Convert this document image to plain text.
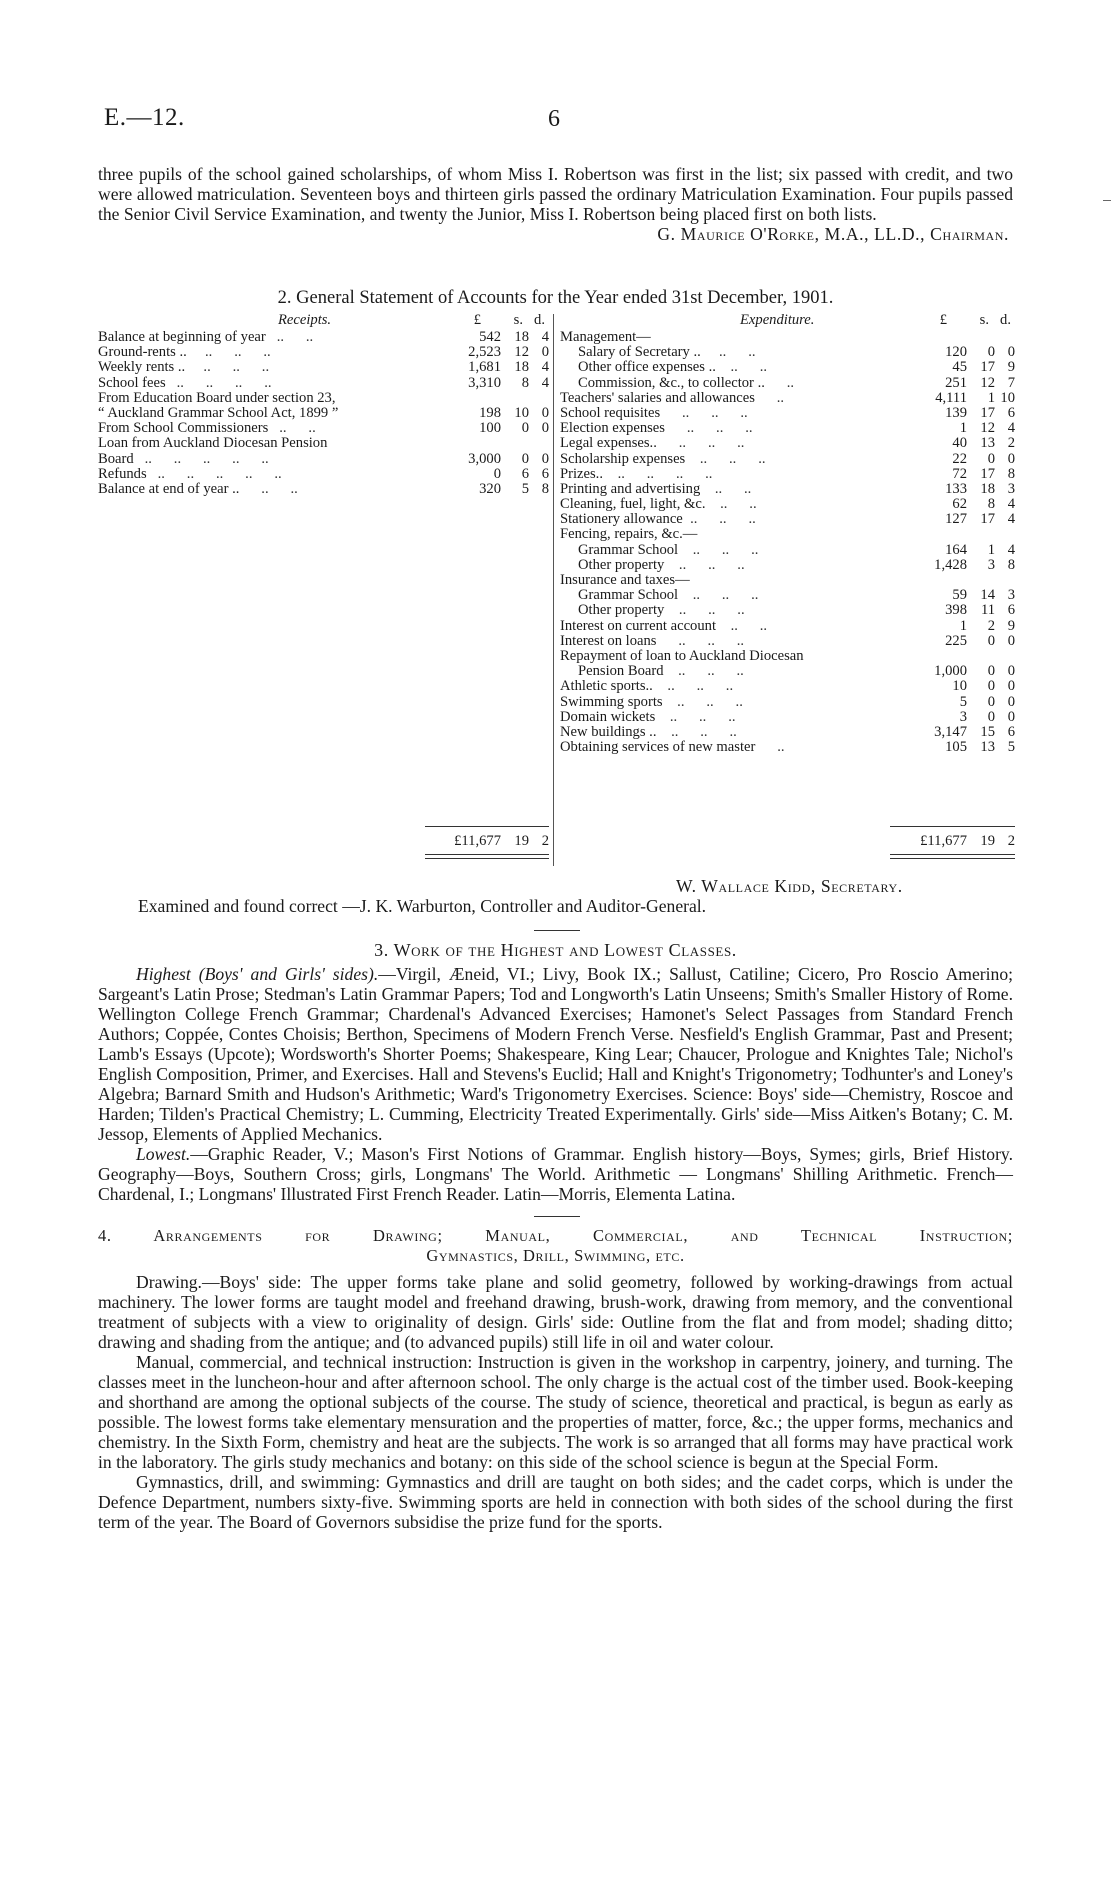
E.—12.	6

three pupils of the school gained scholarships, of whom Miss I. Robertson was first in the list; six passed with credit, and two were allowed matriculation. Seventeen boys and thirteen girls passed the ordinary Matriculation Examination. Four pupils passed the Senior Civil Service Examination, and twenty the Junior, Miss I. Robertson being placed first on both lists.

G. Maurice O'Rorke, M.A., LL.D., Chairman.

2. General Statement of Accounts for the Year ended 31st December, 1901.
Receipts.	£ s. d.
Balance at beginning of year   ..      ..	542 18 4
Ground-rents ..     ..      ..      ..	2,523 12 0
Weekly rents ..     ..      ..      ..	1,681 18 4
School fees   ..      ..      ..      ..	3,310	8 4
From Education Board under section 23,
“ Auckland Grammar School Act, 1899 ”	198 10 0
From School Commissioners   ..      ..	100	0 0
Loan from Auckland Diocesan Pension
Board   ..      ..      ..      ..      ..	3,000	0 0
Refunds   ..      ..      ..      ..      ..	0	6 6
Balance at end of year ..      ..      ..	320	5 8
Expenditure.	£ s. d.
Management—
Salary of Secretary ..     ..      ..	120	0 0
Other office expenses ..    ..      ..	45 17 9
Commission, &c., to collector ..      ..	251 12 7
Teachers' salaries and allowances      ..	4,111	1 10
School requisites      ..      ..      ..	139 17 6
Election expenses      ..      ..      ..	1 12 4
Legal expenses..      ..      ..      ..	40 13 2
Scholarship expenses    ..      ..      ..	22	0 0
Prizes..    ..      ..      ..      ..	72 17 8
Printing and advertising    ..      ..	133 18 3
Cleaning, fuel, light, &c.    ..      ..	62	8 4
Stationery allowance  ..      ..      ..	127 17 4
Fencing, repairs, &c.—
Grammar School    ..      ..      ..	164	1 4
Other property    ..      ..      ..	1,428	3 8
Insurance and taxes—
Grammar School    ..      ..      ..	59 14 3
Other property    ..      ..      ..	398 11 6
Interest on current account    ..      ..	1	2 9
Interest on loans      ..      ..      ..	225	0 0
Repayment of loan to Auckland Diocesan
Pension Board    ..      ..      ..	1,000	0 0
Athletic sports..    ..      ..      ..	10	0 0
Swimming sports    ..      ..      ..	5	0 0
Domain wickets    ..      ..      ..	3	0 0
New buildings ..    ..      ..      ..	3,147 15 6
Obtaining services of new master      ..	105 13 5
£11,677 19 2	£11,677 19 2
W. Wallace Kidd, Secretary.
Examined and found correct —J. K. Warburton, Controller and Auditor-General.
3. Work of the Highest and Lowest Classes.

Highest (Boys' and Girls' sides).—Virgil, Æneid, VI.; Livy, Book IX.; Sallust, Catiline; Cicero, Pro Roscio Amerino; Sargeant's Latin Prose; Stedman's Latin Grammar Papers; Tod and Longworth's Latin Unseens; Smith's Smaller History of Rome. Wellington College French Grammar; Chardenal's Advanced Exercises; Hamonet's Select Passages from Standard French Authors; Coppée, Contes Choisis; Berthon, Specimens of Modern French Verse. Nesfield's English Grammar, Past and Present; Lamb's Essays (Upcote); Wordsworth's Shorter Poems; Shakespeare, King Lear; Chaucer, Prologue and Knightes Tale; Nichol's English Composition, Primer, and Exercises. Hall and Stevens's Euclid; Hall and Knight's Trigonometry; Todhunter's and Loney's Algebra; Barnard Smith and Hudson's Arithmetic; Ward's Trigonometry Exercises. Science: Boys' side—Chemistry, Roscoe and Harden; Tilden's Practical Chemistry; L. Cumming, Electricity Treated Experimentally. Girls' side—Miss Aitken's Botany; C. M. Jessop, Elements of Applied Mechanics.

Lowest.—Graphic Reader, V.; Mason's First Notions of Grammar. English history—Boys, Symes; girls, Brief History. Geography—Boys, Southern Cross; girls, Longmans' The World. Arithmetic — Longmans' Shilling Arithmetic. French—Chardenal, I.; Longmans' Illustrated First French Reader. Latin—Morris, Elementa Latina.

4. Arrangements for Drawing; Manual, Commercial, and Technical Instruction;
Gymnastics, Drill, Swimming, etc.

Drawing.—Boys' side: The upper forms take plane and solid geometry, followed by working-drawings from actual machinery. The lower forms are taught model and freehand drawing, brush-work, drawing from memory, and the conventional treatment of subjects with a view to originality of design. Girls' side: Outline from the flat and from model; shading ditto; drawing and shading from the antique; and (to advanced pupils) still life in oil and water colour.

Manual, commercial, and technical instruction: Instruction is given in the workshop in carpentry, joinery, and turning. The classes meet in the luncheon-hour and after afternoon school. The only charge is the actual cost of the timber used. Book-keeping and shorthand are among the optional subjects of the course. The study of science, theoretical and practical, is begun as early as possible. The lowest forms take elementary mensuration and the properties of matter, force, &c.; the upper forms, mechanics and chemistry. In the Sixth Form, chemistry and heat are the subjects. The work is so arranged that all forms may have practical work in the laboratory. The girls study mechanics and botany: on this side of the school science is begun at the Special Form.

Gymnastics, drill, and swimming: Gymnastics and drill are taught on both sides; and the cadet corps, which is under the Defence Department, numbers sixty-five. Swimming sports are held in connection with both sides of the school during the first term of the year. The Board of Governors subsidise the prize fund for the sports.
